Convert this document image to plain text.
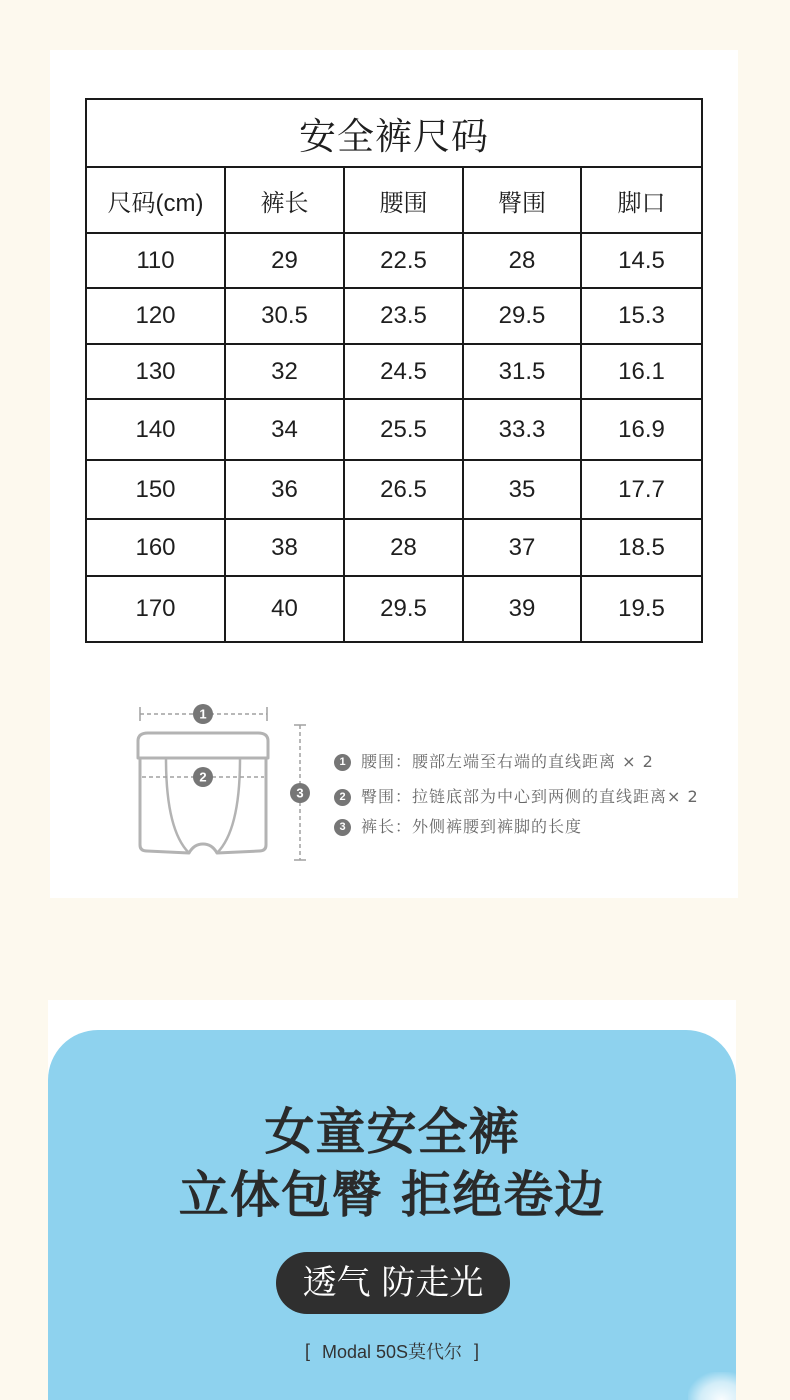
安全裤尺码				
尺码(cm)	裤长	腰围	臀围	脚口
110	29	22.5	28	14.5
120	30.5	23.5	29.5	15.3
130	32	24.5	31.5	16.1
140	34	25.5	33.3	16.9
150	36	26.5	35	17.7
160	38	28	37	18.5
170	40	29.5	39	19.5
1
2
3
1 腰围：腰部左端至右端的直线距离 × 2
2 臀围：拉链底部为中心到两侧的直线距离× 2
3 裤长：外侧裤腰到裤脚的长度
女童安全裤
立体包臀 拒绝卷边
透气 防走光
[ Modal 50S莫代尔 ]
